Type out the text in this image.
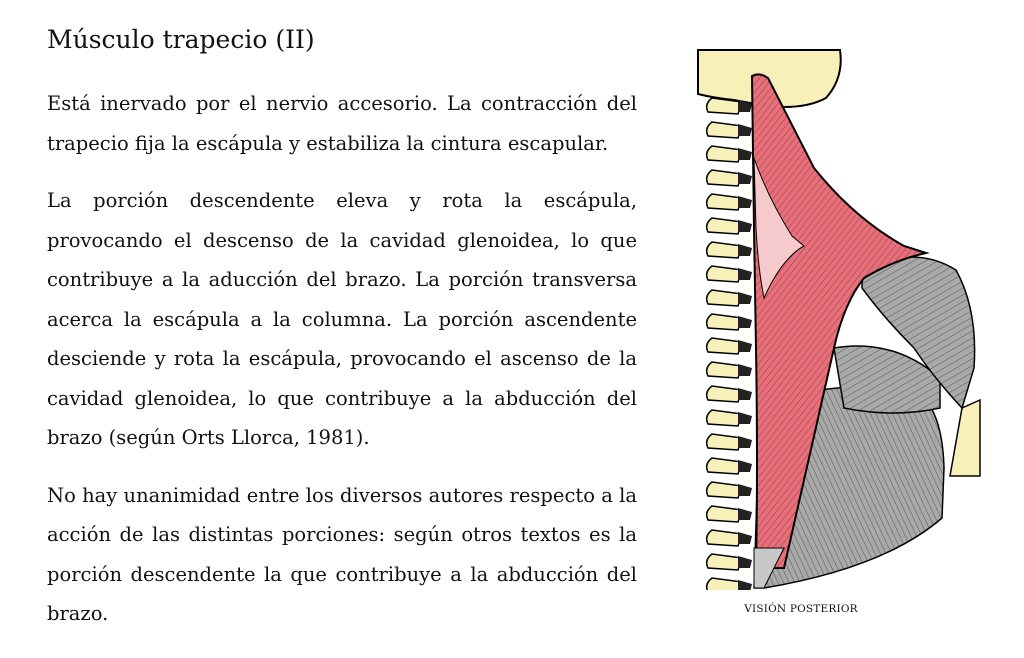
Músculo trapecio (II)

Está inervado por el nervio accesorio. La contracción del trapecio fija la escápula y estabiliza la cintura escapular.

La porción descendente eleva y rota la escápula, provocando el descenso de la cavidad glenoidea, lo que contribuye a la aducción del brazo. La porción transversa acerca la escápula a la columna. La porción ascendente desciende y rota la escápula, provocando el ascenso de la cavidad glenoidea, lo que contribuye a la abducción del brazo (según Orts Llorca, 1981).

No hay unanimidad entre los diversos autores respecto a la acción de las distintas porciones: según otros textos es la porción descendente la que contribuye a la abducción del brazo.	VISIÓN POSTERIOR
